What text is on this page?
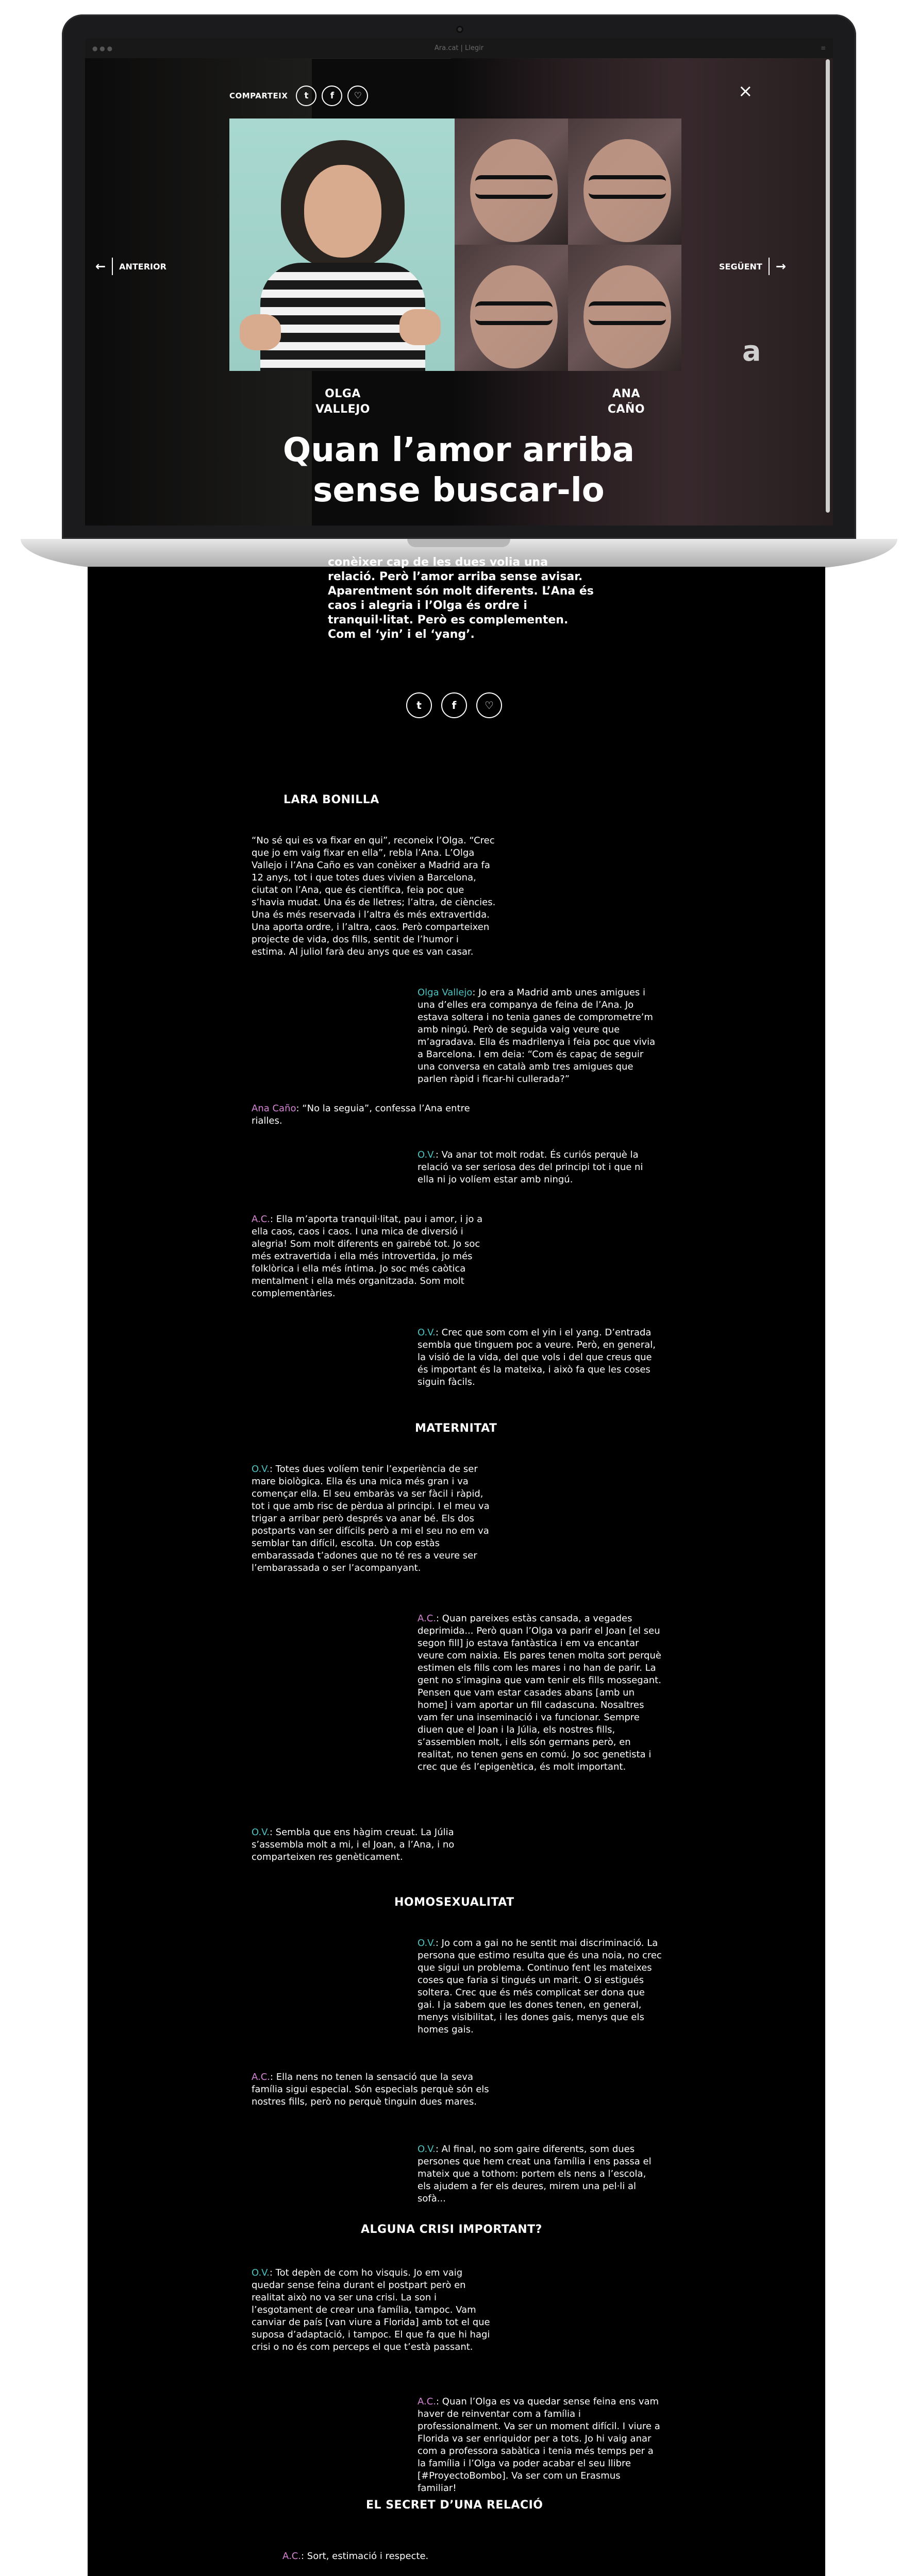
● ● ●	Ara.cat | Llegir	≡
COMPARTEIX	t	f	♡	×
a
← ANTERIOR	SEGÜENT →
OLGA
VALLEJO
ANA
CAÑO
Quan l’amor arriba
sense buscar-lo
conèixer cap de les dues volia una
relació. Però l’amor arriba sense avisar.
Aparentment són molt diferents. L’Ana és
caos i alegria i l’Olga és ordre i
tranquil·litat. Però es complementen.
Com el ‘yin’ i el ‘yang’.
t	f	♡
LARA BONILLA

“No sé qui es va fixar en qui”, reconeix l’Olga. “Crec que jo em vaig fixar en ella”, rebla l’Ana. L’Olga Vallejo i l’Ana Caño es van conèixer a Madrid ara fa 12 anys, tot i que totes dues vivien a Barcelona, ciutat on l’Ana, que és científica, feia poc que s’havia mudat. Una és de lletres; l’altra, de ciències. Una és més reservada i l’altra és més extravertida. Una aporta ordre, i l’altra, caos. Però comparteixen projecte de vida, dos fills, sentit de l’humor i estima. Al juliol farà deu anys que es van casar.

Olga Vallejo: Jo era a Madrid amb unes amigues i una d’elles era companya de feina de l’Ana. Jo estava soltera i no tenia ganes de comprometre’m amb ningú. Però de seguida vaig veure que m’agradava. Ella és madrilenya i feia poc que vivia a Barcelona. I em deia: “Com és capaç de seguir una conversa en català amb tres amigues que parlen ràpid i ficar-hi cullerada?”

Ana Caño: “No la seguia”, confessa l’Ana entre rialles.

O.V.: Va anar tot molt rodat. És curiós perquè la relació va ser seriosa des del principi tot i que ni ella ni jo volíem estar amb ningú.

A.C.: Ella m’aporta tranquil·litat, pau i amor, i jo a ella caos, caos i caos. I una mica de diversió i alegria! Som molt diferents en gairebé tot. Jo soc més extravertida i ella més introvertida, jo més folklòrica i ella més íntima. Jo soc més caòtica mentalment i ella més organitzada. Som molt complementàries.

O.V.: Crec que som com el yin i el yang. D’entrada sembla que tinguem poc a veure. Però, en general, la visió de la vida, del que vols i del que creus que és important és la mateixa, i això fa que les coses siguin fàcils.

MATERNITAT

O.V.: Totes dues volíem tenir l’experiència de ser mare biològica. Ella és una mica més gran i va començar ella. El seu embaràs va ser fàcil i ràpid, tot i que amb risc de pèrdua al principi. I el meu va trigar a arribar però després va anar bé. Els dos postparts van ser difícils però a mi el seu no em va semblar tan difícil, escolta. Un cop estàs embarassada t’adones que no té res a veure ser l’embarassada o ser l’acompanyant.

A.C.: Quan pareixes estàs cansada, a vegades deprimida... Però quan l’Olga va parir el Joan [el seu segon fill] jo estava fantàstica i em va encantar veure com naixia. Els pares tenen molta sort perquè estimen els fills com les mares i no han de parir. La gent no s’imagina que vam tenir els fills mossegant. Pensen que vam estar casades abans [amb un home] i vam aportar un fill cadascuna. Nosaltres vam fer una inseminació i va funcionar. Sempre diuen que el Joan i la Júlia, els nostres fills, s’assemblen molt, i ells són germans però, en realitat, no tenen gens en comú. Jo soc genetista i crec que és l’epigenètica, és molt important.

O.V.: Sembla que ens hàgim creuat. La Júlia s’assembla molt a mi, i el Joan, a l’Ana, i no comparteixen res genèticament.

HOMOSEXUALITAT

O.V.: Jo com a gai no he sentit mai discriminació. La persona que estimo resulta que és una noia, no crec que sigui un problema. Continuo fent les mateixes coses que faria si tingués un marit. O si estigués soltera. Crec que és més complicat ser dona que gai. I ja sabem que les dones tenen, en general, menys visibilitat, i les dones gais, menys que els homes gais.

A.C.: Ella nens no tenen la sensació que la seva família sigui especial. Són especials perquè són els nostres fills, però no perquè tinguin dues mares.

O.V.: Al final, no som gaire diferents, som dues persones que hem creat una família i ens passa el mateix que a tothom: portem els nens a l’escola, els ajudem a fer els deures, mirem una pel·li al sofà...

ALGUNA CRISI IMPORTANT?

O.V.: Tot depèn de com ho visquis. Jo em vaig quedar sense feina durant el postpart però en realitat això no va ser una crisi. La son i l’esgotament de crear una família, tampoc. Vam canviar de país [van viure a Florida] amb tot el que suposa d’adaptació, i tampoc. El que fa que hi hagi crisi o no és com perceps el que t’està passant.

A.C.: Quan l’Olga es va quedar sense feina ens vam haver de reinventar com a família i professionalment. Va ser un moment difícil. I viure a Florida va ser enriquidor per a tots. Jo hi vaig anar com a professora sabàtica i tenia més temps per a la família i l’Olga va poder acabar el seu llibre [#ProyectoBombo]. Va ser com un Erasmus familiar!

EL SECRET D’UNA RELACIÓ

A.C.: Sort, estimació i respecte.
